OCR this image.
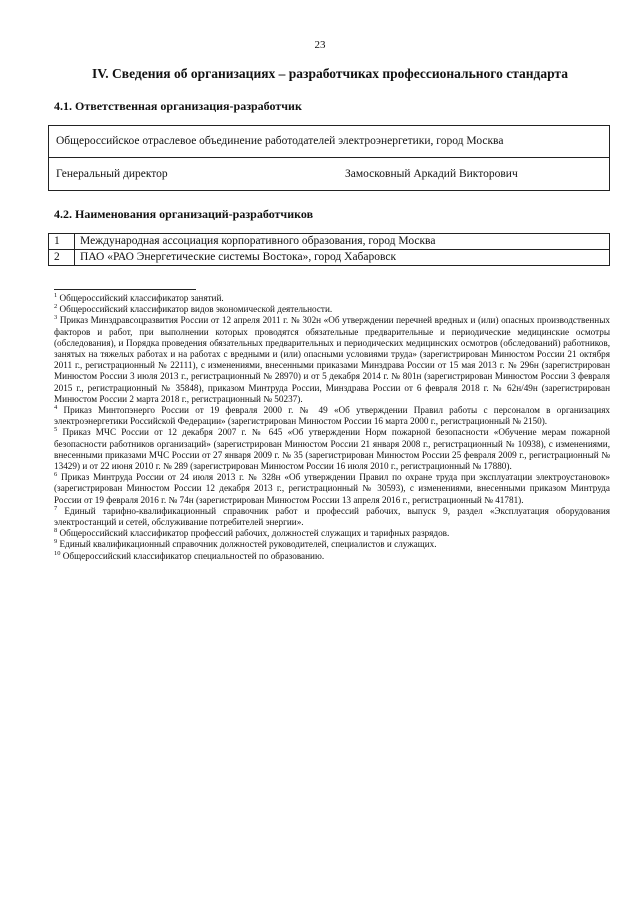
23
IV. Сведения об организациях – разработчиках профессионального стандарта
4.1. Ответственная организация-разработчик
Общероссийское отраслевое объединение работодателей электроэнергетики, город Москва
Генеральный директор	Замосковный Аркадий Викторович
4.2. Наименования организаций-разработчиков
1	Международная ассоциация корпоративного образования, город Москва
2	ПАО «РАО Энергетические системы Востока», город Хабаровск

$^1$ Общероссийский классификатор занятий.

$^2$ Общероссийский классификатор видов экономической деятельности.

$^3$ Приказ Минздравсоцразвития России от 12 апреля 2011 г. № 302н «Об утверждении перечней вредных и (или) опасных производственных факторов и работ, при выполнении которых проводятся обязательные предварительные и периодические медицинские осмотры (обследования), и Порядка проведения обязательных предварительных и периодических медицинских осмотров (обследований) работников, занятых на тяжелых работах и на работах с вредными и (или) опасными условиями труда» (зарегистрирован Минюстом России 21 октября 2011 г., регистрационный № 22111), с изменениями, внесенными приказами Минздрава России от 15 мая 2013 г. № 296н (зарегистрирован Минюстом России 3 июля 2013 г., регистрационный № 28970) и от 5 декабря 2014 г. № 801н (зарегистрирован Минюстом России 3 февраля 2015 г., регистрационный № 35848), приказом Минтруда России, Минздрава России от 6 февраля 2018 г. № 62н/49н (зарегистрирован Минюстом России 2 марта 2018 г., регистрационный № 50237).

$^4$ Приказ Минтопэнерго России от 19 февраля 2000 г. № 49 «Об утверждении Правил работы с персоналом в организациях электроэнергетики Российской Федерации» (зарегистрирован Минюстом России 16 марта 2000 г., регистрационный № 2150).

$^5$ Приказ МЧС России от 12 декабря 2007 г. № 645 «Об утверждении Норм пожарной безопасности «Обучение мерам пожарной безопасности работников организаций» (зарегистрирован Минюстом России 21 января 2008 г., регистрационный № 10938), с изменениями, внесенными приказами МЧС России от 27 января 2009 г. № 35 (зарегистрирован Минюстом России 25 февраля 2009 г., регистрационный № 13429) и от 22 июня 2010 г. № 289 (зарегистрирован Минюстом России 16 июля 2010 г., регистрационный № 17880).

$^6$ Приказ Минтруда России от 24 июля 2013 г. № 328н «Об утверждении Правил по охране труда при эксплуатации электроустановок» (зарегистрирован Минюстом России 12 декабря 2013 г., регистрационный № 30593), с изменениями, внесенными приказом Минтруда России от 19 февраля 2016 г. № 74н (зарегистрирован Минюстом России 13 апреля 2016 г., регистрационный № 41781).

$^7$ Единый тарифно-квалификационный справочник работ и профессий рабочих, выпуск 9, раздел «Эксплуатация оборудования электростанций и сетей, обслуживание потребителей энергии».

$^8$ Общероссийский классификатор профессий рабочих, должностей служащих и тарифных разрядов.

$^9$ Единый квалификационный справочник должностей руководителей, специалистов и служащих.

$^{10}$ Общероссийский классификатор специальностей по образованию.
